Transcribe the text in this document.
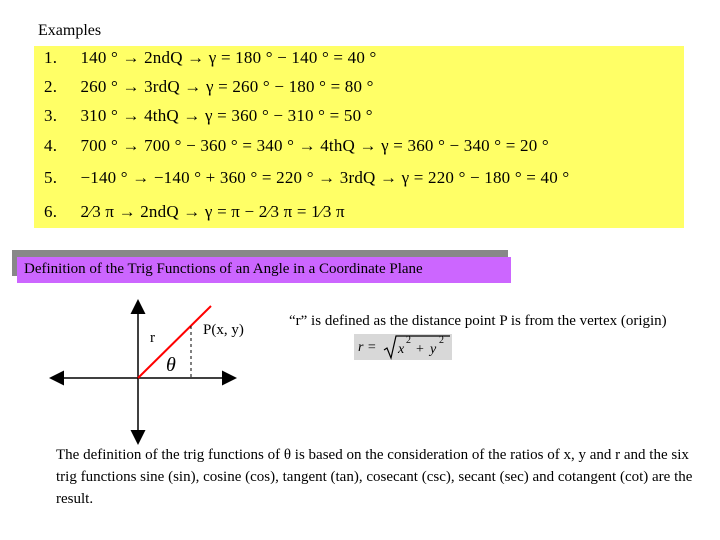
Examples
1. 140 ° → 2ndQ → γ = 180 ° − 140 ° = 40 °
2. 260 ° → 3rdQ → γ = 260 ° − 180 ° = 80 °
3. 310 ° → 4thQ → γ = 360 ° − 310 ° = 50 °
4. 700 ° → 700 ° − 360 ° = 340 ° → 4thQ → γ = 360 ° − 340 ° = 20 °
5. −140 ° → −140 ° + 360 ° = 220 ° → 3rdQ → γ = 220 ° − 180 ° = 40 °
6. 2⁄3 π → 2ndQ → γ = π − 2⁄3 π = 1⁄3 π
Definition of the Trig Functions of an Angle in a Coordinate Plane
r	P(x, y)
θ
“r” is defined as the distance point P is from the vertex (origin)
r = x
2
+ y
2
The definition of the trig functions of θ is based on the consideration of the ratios of x, y and r and the six trig functions sine (sin), cosine (cos), tangent (tan), cosecant (csc), secant (sec) and cotangent (cot) are the result.
